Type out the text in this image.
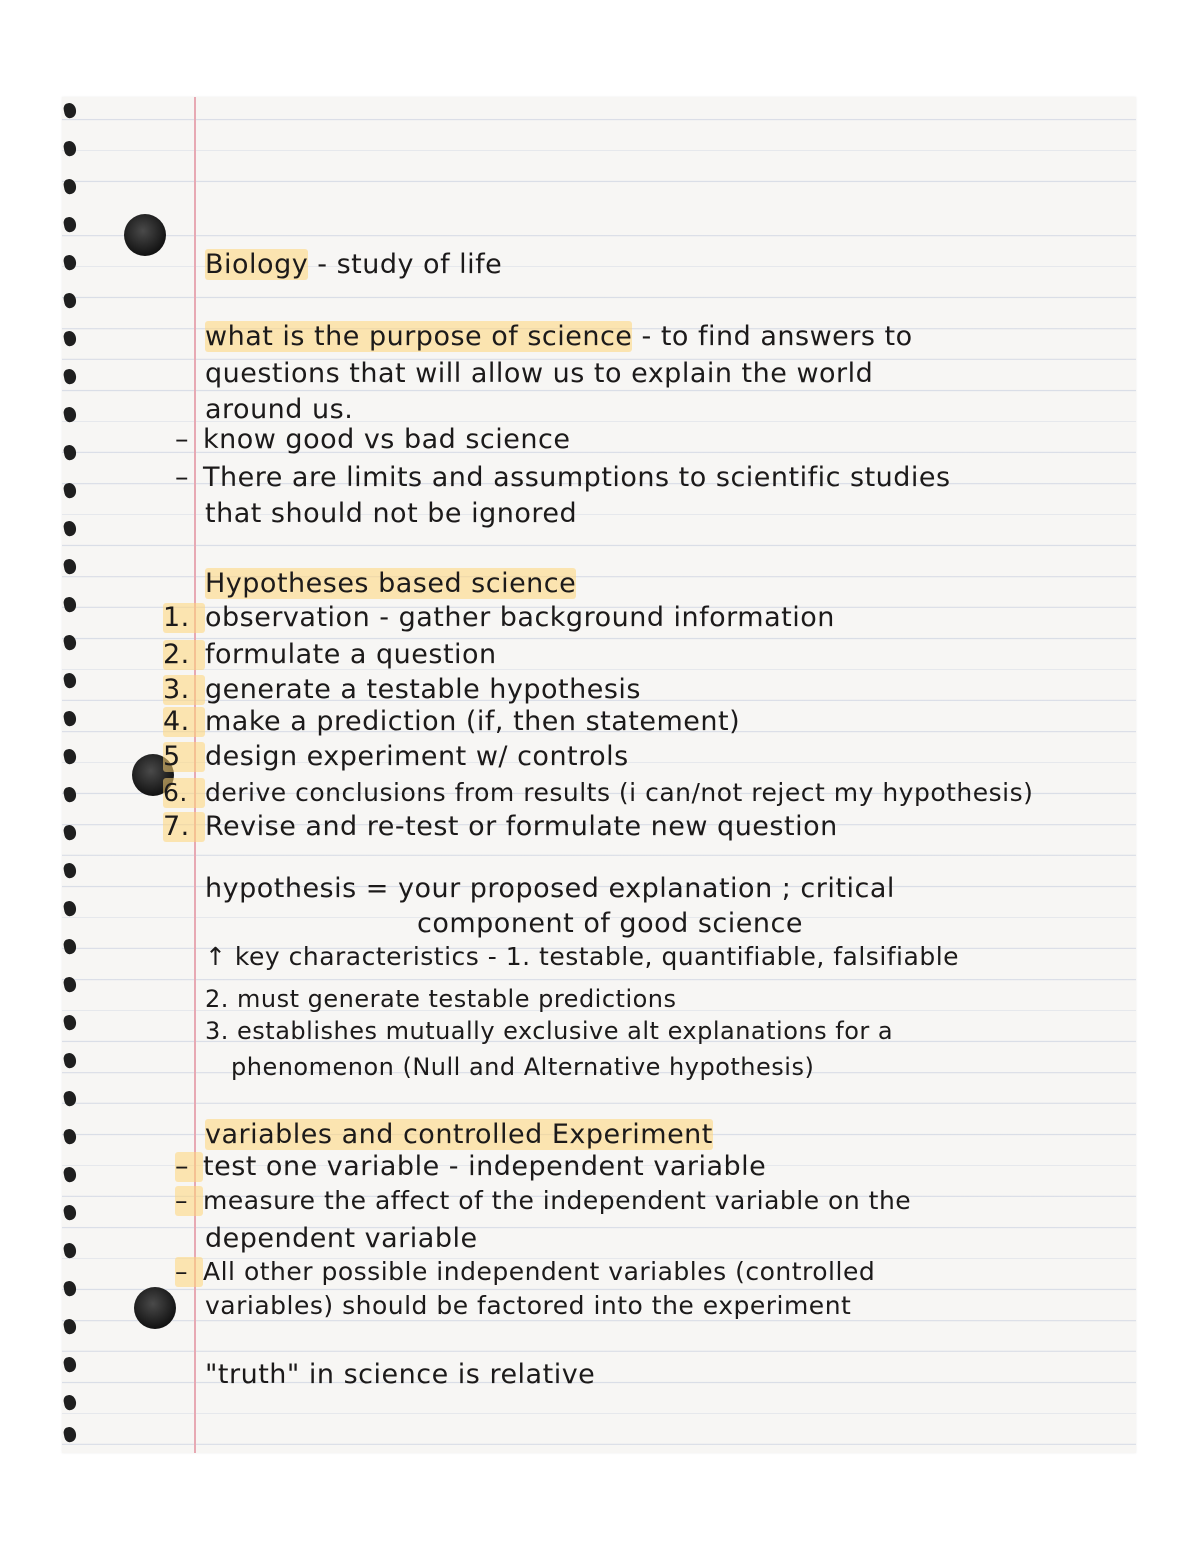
Biology - study of life
what is the purpose of science - to find answers to
questions that will allow us to explain the world
around us.
– know good vs bad science
– There are limits and assumptions to scientific studies
that should not be ignored
Hypotheses based science
1. observation - gather background information
2. formulate a question
3. generate a testable hypothesis
4. make a prediction (if, then statement)
5 design experiment w/ controls
6. derive conclusions from results (i can/not reject my hypothesis)
7. Revise and re-test or formulate new question
hypothesis = your proposed explanation ; critical
component of good science
↑ key characteristics - 1. testable, quantifiable, falsifiable
2. must generate testable predictions
3. establishes mutually exclusive alt explanations for a
phenomenon (Null and Alternative hypothesis)
variables and controlled Experiment
– test one variable - independent variable
– measure the affect of the independent variable on the
dependent variable
– All other possible independent variables (controlled
variables) should be factored into the experiment
"truth" in science is relative
